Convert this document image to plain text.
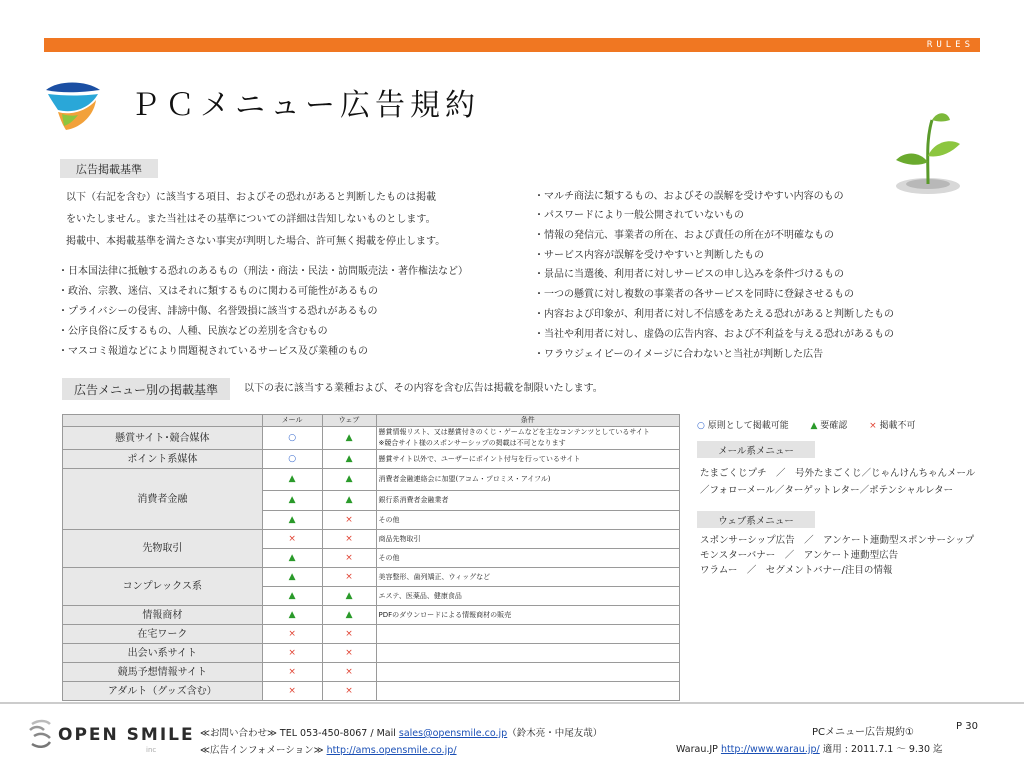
RULES
ＰＣメニュー広告規約
広告掲載基準
以下（右記を含む）に該当する項目、およびその恐れがあると判断したものは掲載
をいたしません。また当社はその基準についての詳細は告知しないものとします。
掲載中、本掲載基準を満たさない事実が判明した場合、許可無く掲載を停止します。
・日本国法律に抵触する恐れのあるもの（刑法・商法・民法・訪問販売法・著作権法など）
・政治、宗教、迷信、又はそれに類するものに関わる可能性があるもの
・プライバシーの侵害、誹謗中傷、名誉毀損に該当する恐れがあるもの
・公序良俗に反するもの、人種、民族などの差別を含むもの
・マスコミ報道などにより問題視されているサービス及び業種のもの
・マルチ商法に類するもの、およびその誤解を受けやすい内容のもの
・パスワードにより一般公開されていないもの
・情報の発信元、事業者の所在、および責任の所在が不明確なもの
・サービス内容が誤解を受けやすいと判断したもの
・景品に当選後、利用者に対しサービスの申し込みを条件づけるもの
・一つの懸賞に対し複数の事業者の各サービスを同時に登録させるもの
・内容および印象が、利用者に対し不信感をあたえる恐れがあると判断したもの
・当社や利用者に対し、虚偽の広告内容、および不利益を与える恐れがあるもの
・ワラウジェイピーのイメージに合わないと当社が判断した広告
広告メニュー別の掲載基準	以下の表に該当する業種および、その内容を含む広告は掲載を制限いたします。
	メール	ウェブ	条件
懸賞サイト･競合媒体	○	▲	懸賞情報リスト、又は懸賞付きのくじ・ゲームなどを主なコンテンツとしているサイト
※競合サイト様のスポンサーシップの掲載は不可となります

ポイント系媒体	○	▲	懸賞サイト以外で、ユーザーにポイント付与を行っているサイト
消費者金融	▲	▲	消費者金融連絡会に加盟(アコム・プロミス・アイフル)
	▲	▲	銀行系消費者金融業者
	▲	×	その他
先物取引	×	×	商品先物取引
	▲	×	その他
コンプレックス系	▲	×	美容整形、歯列矯正、ウィッグなど
	▲	▲	エステ、医薬品、健康食品
情報商材	▲	▲	PDFのダウンロードによる情報商材の販売
在宅ワーク	×	×	
出会い系サイト	×	×	
競馬予想情報サイト	×	×	
アダルト（グッズ含む）	×	×	
○ 原則として掲載可能 ▲ 要確認 × 掲載不可
メール系メニュー
たまごくじプチ　／　号外たまごくじ／じゃんけんちゃんメール
／フォローメール／ターゲットレター／ポテンシャルレター
ウェブ系メニュー
スポンサーシップ広告　／　アンケート連動型スポンサーシップ
モンスターバナー　／　アンケート連動型広告
ワラムー　／　セグメントバナー/注目の情報
OPEN SMILE
inc
≪お問い合わせ≫ TEL 053-450-8067 / Mail sales@opensmile.co.jp（鈴木亮・中尾友哉）
≪広告インフォメーション≫ http://ams.opensmile.co.jp/
PCメニュー広告規約①
P 30
Warau.JP http://www.warau.jp/ 適用 : 2011.7.1 ～ 9.30 迄
